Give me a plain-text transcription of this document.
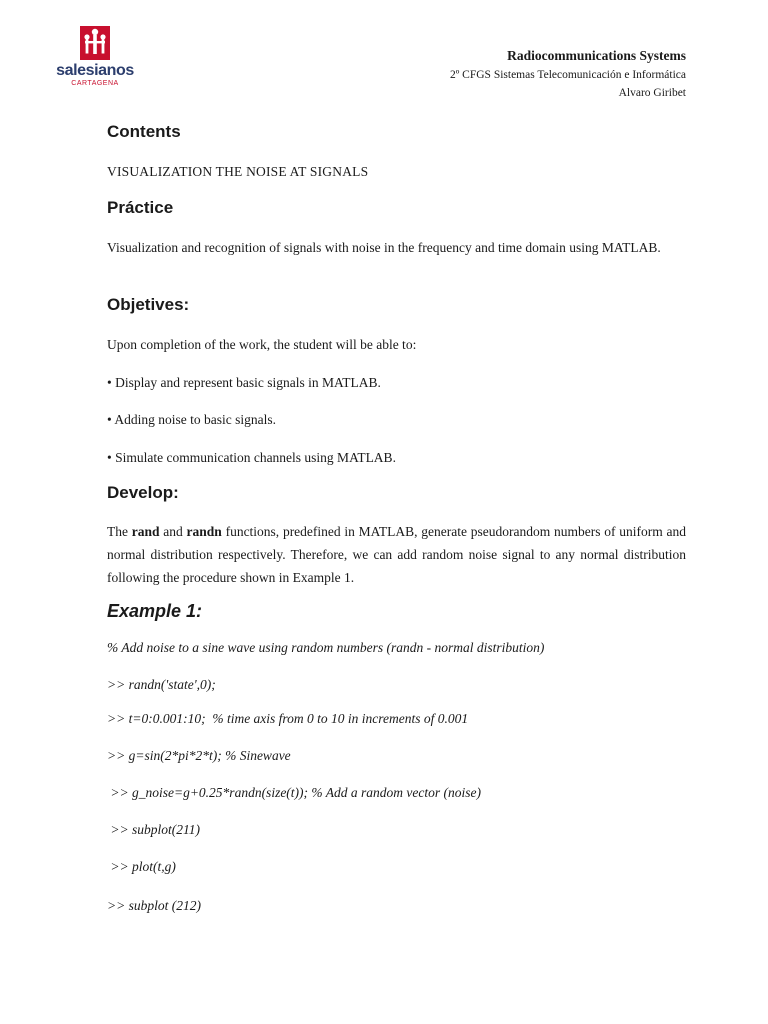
salesianos
CARTAGENA
Radiocommunications Systems
2º CFGS Sistemas Telecomunicación e Informática
Alvaro Giribet
Contents
VISUALIZATION THE NOISE AT SIGNALS
Práctice
Visualization and recognition of signals with noise in the frequency and time domain using MATLAB.
Objetives:
Upon completion of the work, the student will be able to:
• Display and represent basic signals in MATLAB.
• Adding noise to basic signals.
• Simulate communication channels using MATLAB.
Develop:
The rand and randn functions, predefined in MATLAB, generate pseudorandom numbers of uniform and normal distribution respectively. Therefore, we can add random noise signal to any normal distribution following the procedure shown in Example 1.
Example 1:
% Add noise to a sine wave using random numbers (randn - normal distribution)
>> randn('state',0);
>> t=0:0.001:10;  % time axis from 0 to 10 in increments of 0.001
>> g=sin(2*pi*2*t); % Sinewave
>> g_noise=g+0.25*randn(size(t)); % Add a random vector (noise)
>> subplot(211)
>> plot(t,g)
>> subplot (212)
